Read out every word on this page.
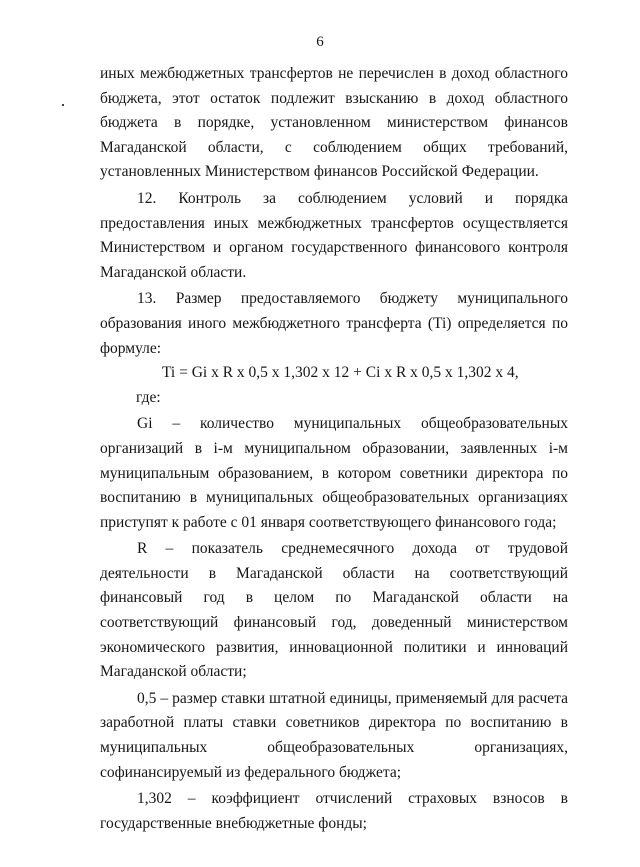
6

иных межбюджетных трансфертов не перечислен в доход областного бюджета, этот остаток подлежит взысканию в доход областного бюджета в порядке, установленном министерством финансов Магаданской области, с соблюдением общих требований, установленных Министерством финансов Российской Федерации.

12. Контроль за соблюдением условий и порядка предоставления иных межбюджетных трансфертов осуществляется Министерством и органом государственного финансового контроля Магаданской области.

13. Размер предоставляемого бюджету муниципального образования иного межбюджетного трансферта (Ti) определяется по формуле:

Ti = Gi x R x 0,5 x 1,302 x 12 + Ci x R x 0,5 x 1,302 x 4,

где:

Gi – количество муниципальных общеобразовательных организаций в i-м муниципальном образовании, заявленных i-м муниципальным образованием, в котором советники директора по воспитанию в муниципальных общеобразовательных организациях приступят к работе с 01 января соответствующего финансового года;

R – показатель среднемесячного дохода от трудовой деятельности в Магаданской области на соответствующий финансовый год в целом по Магаданской области на соответствующий финансовый год, доведенный министерством экономического развития, инновационной политики и инноваций Магаданской области;

0,5 – размер ставки штатной единицы, применяемый для расчета заработной платы ставки советников директора по воспитанию в муниципальных общеобразовательных организациях, софинансируемый из федерального бюджета;

1,302 – коэффициент отчислений страховых взносов в государственные внебюджетные фонды;
